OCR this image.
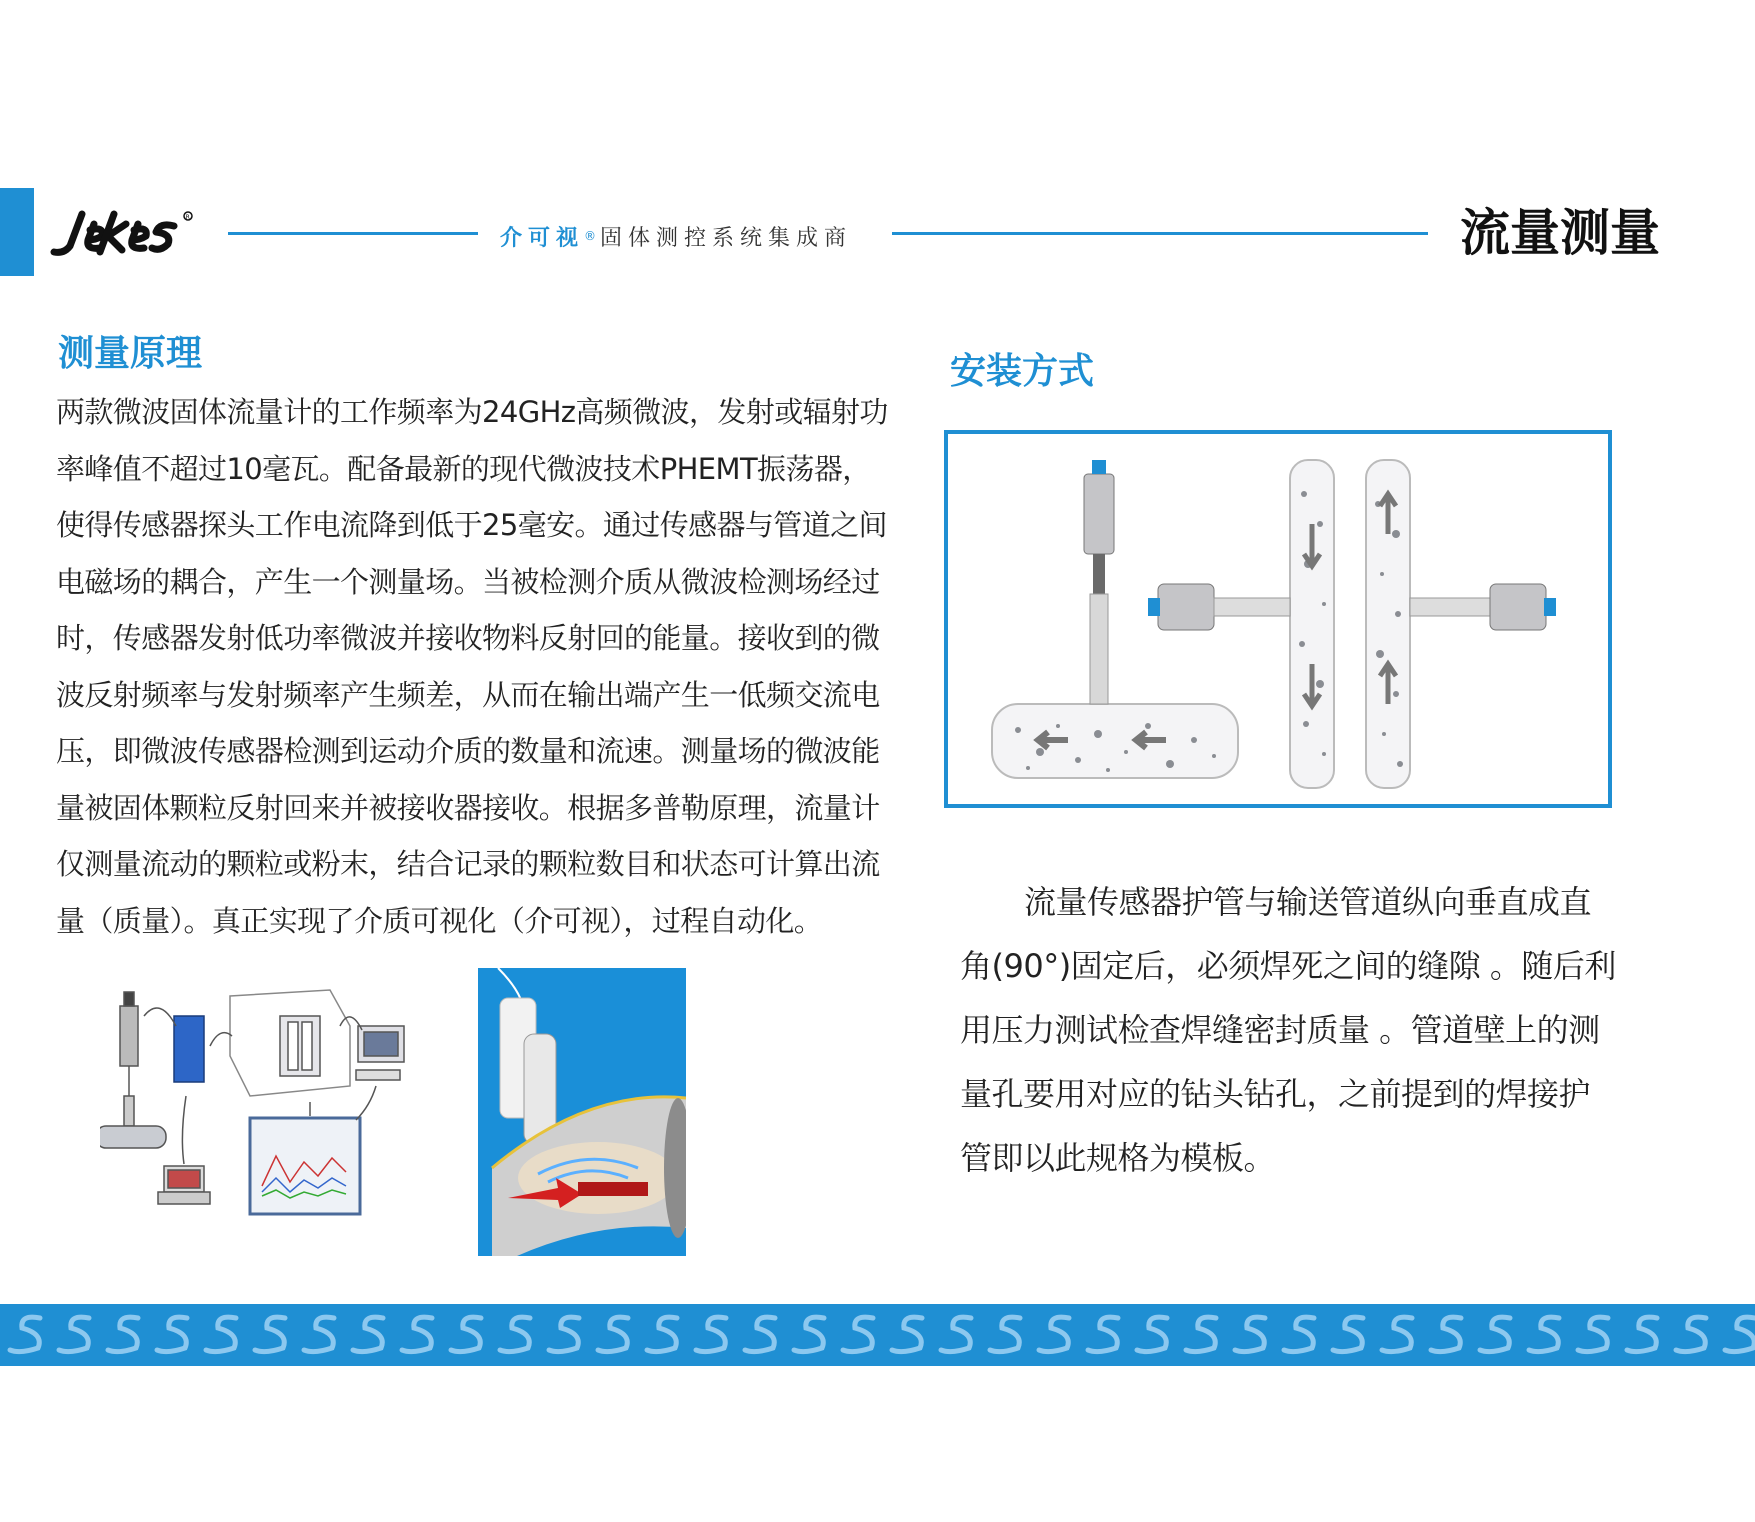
R
介可视 ® 固体测控系统集成商	流量测量
测量原理
两款微波固体流量计的工作频率为24GHz高频微波，发射或辐射功率峰值不超过10毫瓦。配备最新的现代微波技术PHEMT振荡器，使得传感器探头工作电流降到低于25毫安。通过传感器与管道之间电磁场的耦合，产生一个测量场。当被检测介质从微波检测场经过时，传感器发射低功率微波并接收物料反射回的能量。接收到的微波反射频率与发射频率产生频差，从而在输出端产生一低频交流电压，即微波传感器检测到运动介质的数量和流速。测量场的微波能量被固体颗粒反射回来并被接收器接收。根据多普勒原理，流量计仅测量流动的颗粒或粉末，结合记录的颗粒数目和状态可计算出流量（质量）。真正实现了介质可视化（介可视），过程自动化。
安装方式
流量传感器护管与输送管道纵向垂直成直角(90°)固定后，必须焊死之间的缝隙 。随后利用压力测试检查焊缝密封质量 。管道壁上的测量孔要用对应的钻头钻孔，之前提到的焊接护管即以此规格为模板。
